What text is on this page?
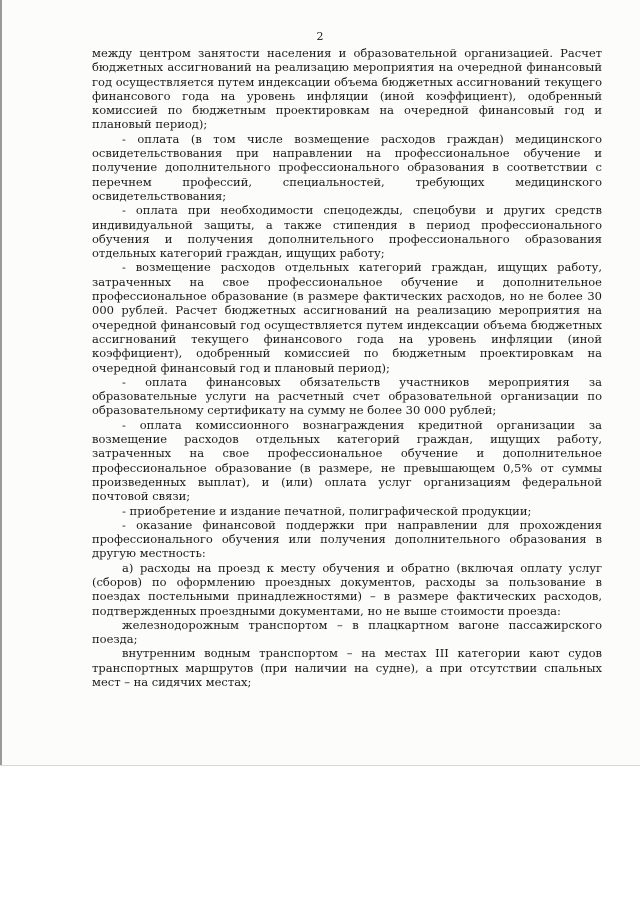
2

между центром занятости населения и образовательной организацией. Расчет бюджетных ассигнований на реализацию мероприятия на очередной финансовый год осуществляется путем индексации объема бюджетных ассигнований текущего финансового года на уровень инфляции (иной коэффициент), одобренный комиссией по бюджетным проектировкам на очередной финансовый год и плановый период);

- оплата (в том числе возмещение расходов граждан) медицинского освидетельствования при направлении на профессиональное обучение и получение дополнительного профессионального образования в соответствии с перечнем профессий, специальностей, требующих медицинского освидетельствования;

- оплата при необходимости спецодежды, спецобуви и других средств индивидуальной защиты, а также стипендия в период профессионального обучения и получения дополнительного профессионального образования отдельных категорий граждан, ищущих работу;

- возмещение расходов отдельных категорий граждан, ищущих работу, затраченных на свое профессиональное обучение и дополнительное профессиональное образование (в размере фактических расходов, но не более 30 000 рублей. Расчет бюджетных ассигнований на реализацию мероприятия на очередной финансовый год осуществляется путем индексации объема бюджетных ассигнований текущего финансового года на уровень инфляции (иной коэффициент), одобренный комиссией по бюджетным проектировкам на очередной финансовый год и плановый период);

- оплата финансовых обязательств участников мероприятия за образовательные услуги на расчетный счет образовательной организации по образовательному сертификату на сумму не более 30 000 рублей;

- оплата комиссионного вознаграждения кредитной организации за возмещение расходов отдельных категорий граждан, ищущих работу, затраченных на свое профессиональное обучение и дополнительное профессиональное образование (в размере, не превышающем 0,5% от суммы произведенных выплат), и (или) оплата услуг организациям федеральной почтовой связи;

- приобретение и издание печатной, полиграфической продукции;

- оказание финансовой поддержки при направлении для прохождения профессионального обучения или получения дополнительного образования в другую местность:

а) расходы на проезд к месту обучения и обратно (включая оплату услуг (сборов) по оформлению проездных документов, расходы за пользование в поездах постельными принадлежностями) – в размере фактических расходов, подтвержденных проездными документами, но не выше стоимости проезда:

железнодорожным транспортом – в плацкартном вагоне пассажирского поезда;

внутренним водным транспортом – на местах III категории кают судов транспортных маршрутов (при наличии на судне), а при отсутствии спальных мест – на сидячих местах;
